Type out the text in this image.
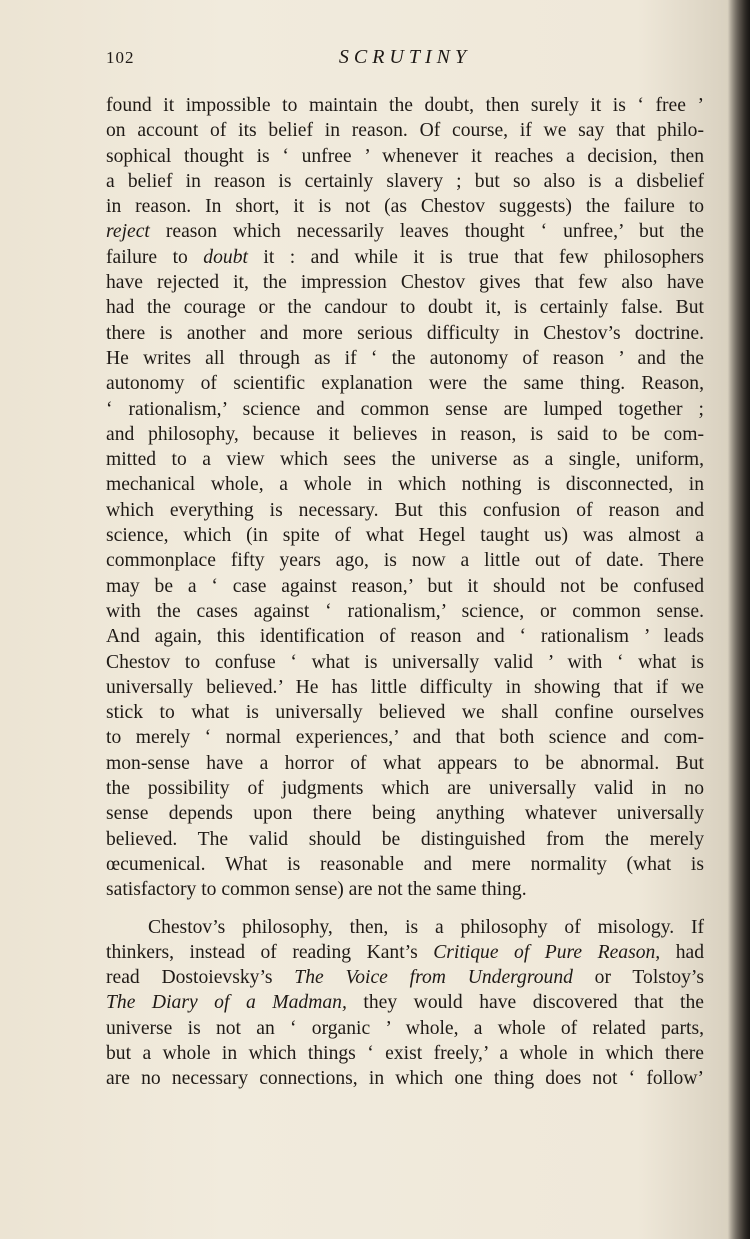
102	SCRUTINY
found it impossible to maintain the doubt, then surely it is ‘ free ’
on account of its belief in reason. Of course, if we say that philo-
sophical thought is ‘ unfree ’ whenever it reaches a decision, then
a belief in reason is certainly slavery ; but so also is a disbelief
in reason. In short, it is not (as Chestov suggests) the failure to
reject reason which necessarily leaves thought ‘ unfree,’ but the
failure to doubt it : and while it is true that few philosophers
have rejected it, the impression Chestov gives that few also have
had the courage or the candour to doubt it, is certainly false. But
there is another and more serious difficulty in Chestov’s doctrine.
He writes all through as if ‘ the autonomy of reason ’ and the
autonomy of scientific explanation were the same thing. Reason,
‘ rationalism,’ science and common sense are lumped together ;
and philosophy, because it believes in reason, is said to be com-
mitted to a view which sees the universe as a single, uniform,
mechanical whole, a whole in which nothing is disconnected, in
which everything is necessary. But this confusion of reason and
science, which (in spite of what Hegel taught us) was almost a
commonplace fifty years ago, is now a little out of date. There
may be a ‘ case against reason,’ but it should not be confused
with the cases against ‘ rationalism,’ science, or common sense.
And again, this identification of reason and ‘ rationalism ’ leads
Chestov to confuse ‘ what is universally valid ’ with ‘ what is
universally believed.’ He has little difficulty in showing that if we
stick to what is universally believed we shall confine ourselves
to merely ‘ normal experiences,’ and that both science and com-
mon-sense have a horror of what appears to be abnormal. But
the possibility of judgments which are universally valid in no
sense depends upon there being anything whatever universally
believed. The valid should be distinguished from the merely
œcumenical. What is reasonable and mere normality (what is
satisfactory to common sense) are not the same thing.
Chestov’s philosophy, then, is a philosophy of misology. If
thinkers, instead of reading Kant’s Critique of Pure Reason, had
read Dostoievsky’s The Voice from Underground or Tolstoy’s
The Diary of a Madman, they would have discovered that the
universe is not an ‘ organic ’ whole, a whole of related parts,
but a whole in which things ‘ exist freely,’ a whole in which there
are no necessary connections, in which one thing does not ‘ follow’
